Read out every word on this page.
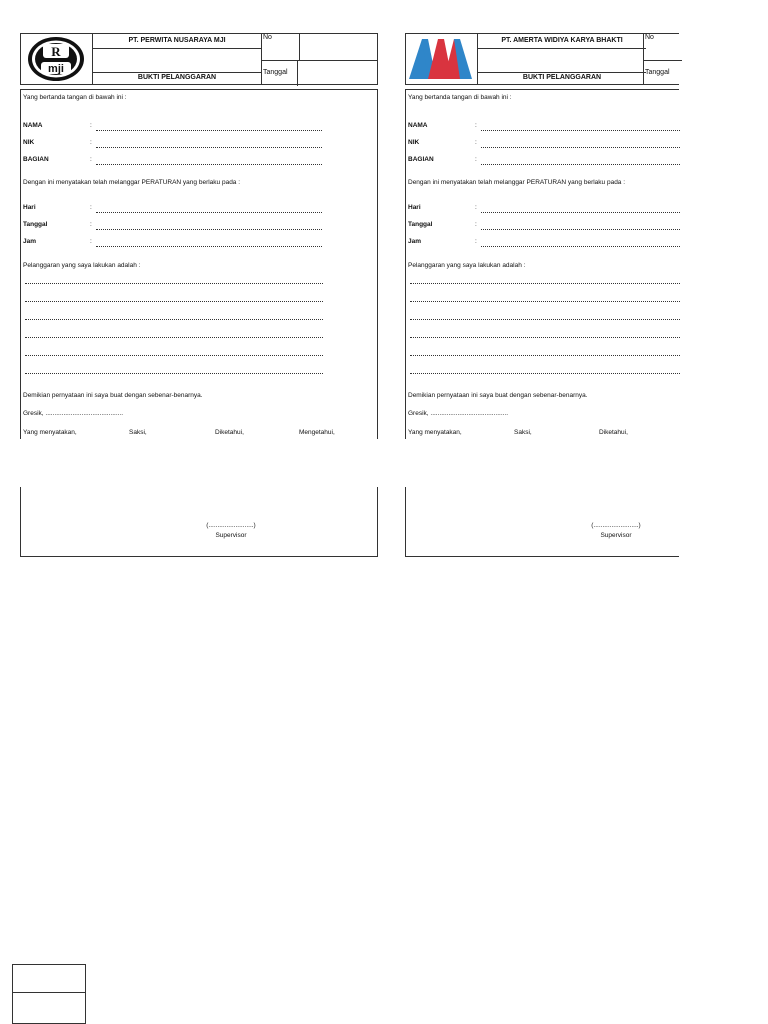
R
mji
PT. PERWITA NUSARAYA MJI
BUKTI PELANGGARAN
No
Tanggal
Yang bertanda tangan di bawah ini :
NAMA	:
NIK	:
BAGIAN	:
Dengan ini menyatakan telah melanggar PERATURAN yang berlaku pada :
Hari	:
Tanggal	:
Jam	:
Pelanggaran yang saya lakukan adalah :
Demikian pernyataan ini saya buat dengan sebenar-benarnya.
Gresik, ...........................................
Yang menyatakan,	Saksi,	Diketahui,	Mengetahui,
(.........................)
Supervisor
PT. AMERTA WIDIYA KARYA BHAKTI
BUKTI PELANGGARAN
No
Tanggal
Yang bertanda tangan di bawah ini :
NAMA	:
NIK	:
BAGIAN	:
Dengan ini menyatakan telah melanggar PERATURAN yang berlaku pada :
Hari	:
Tanggal	:
Jam	:
Pelanggaran yang saya lakukan adalah :
Demikian pernyataan ini saya buat dengan sebenar-benarnya.
Gresik, ...........................................
Yang menyatakan,	Saksi,	Diketahui,
(.........................)
Supervisor
